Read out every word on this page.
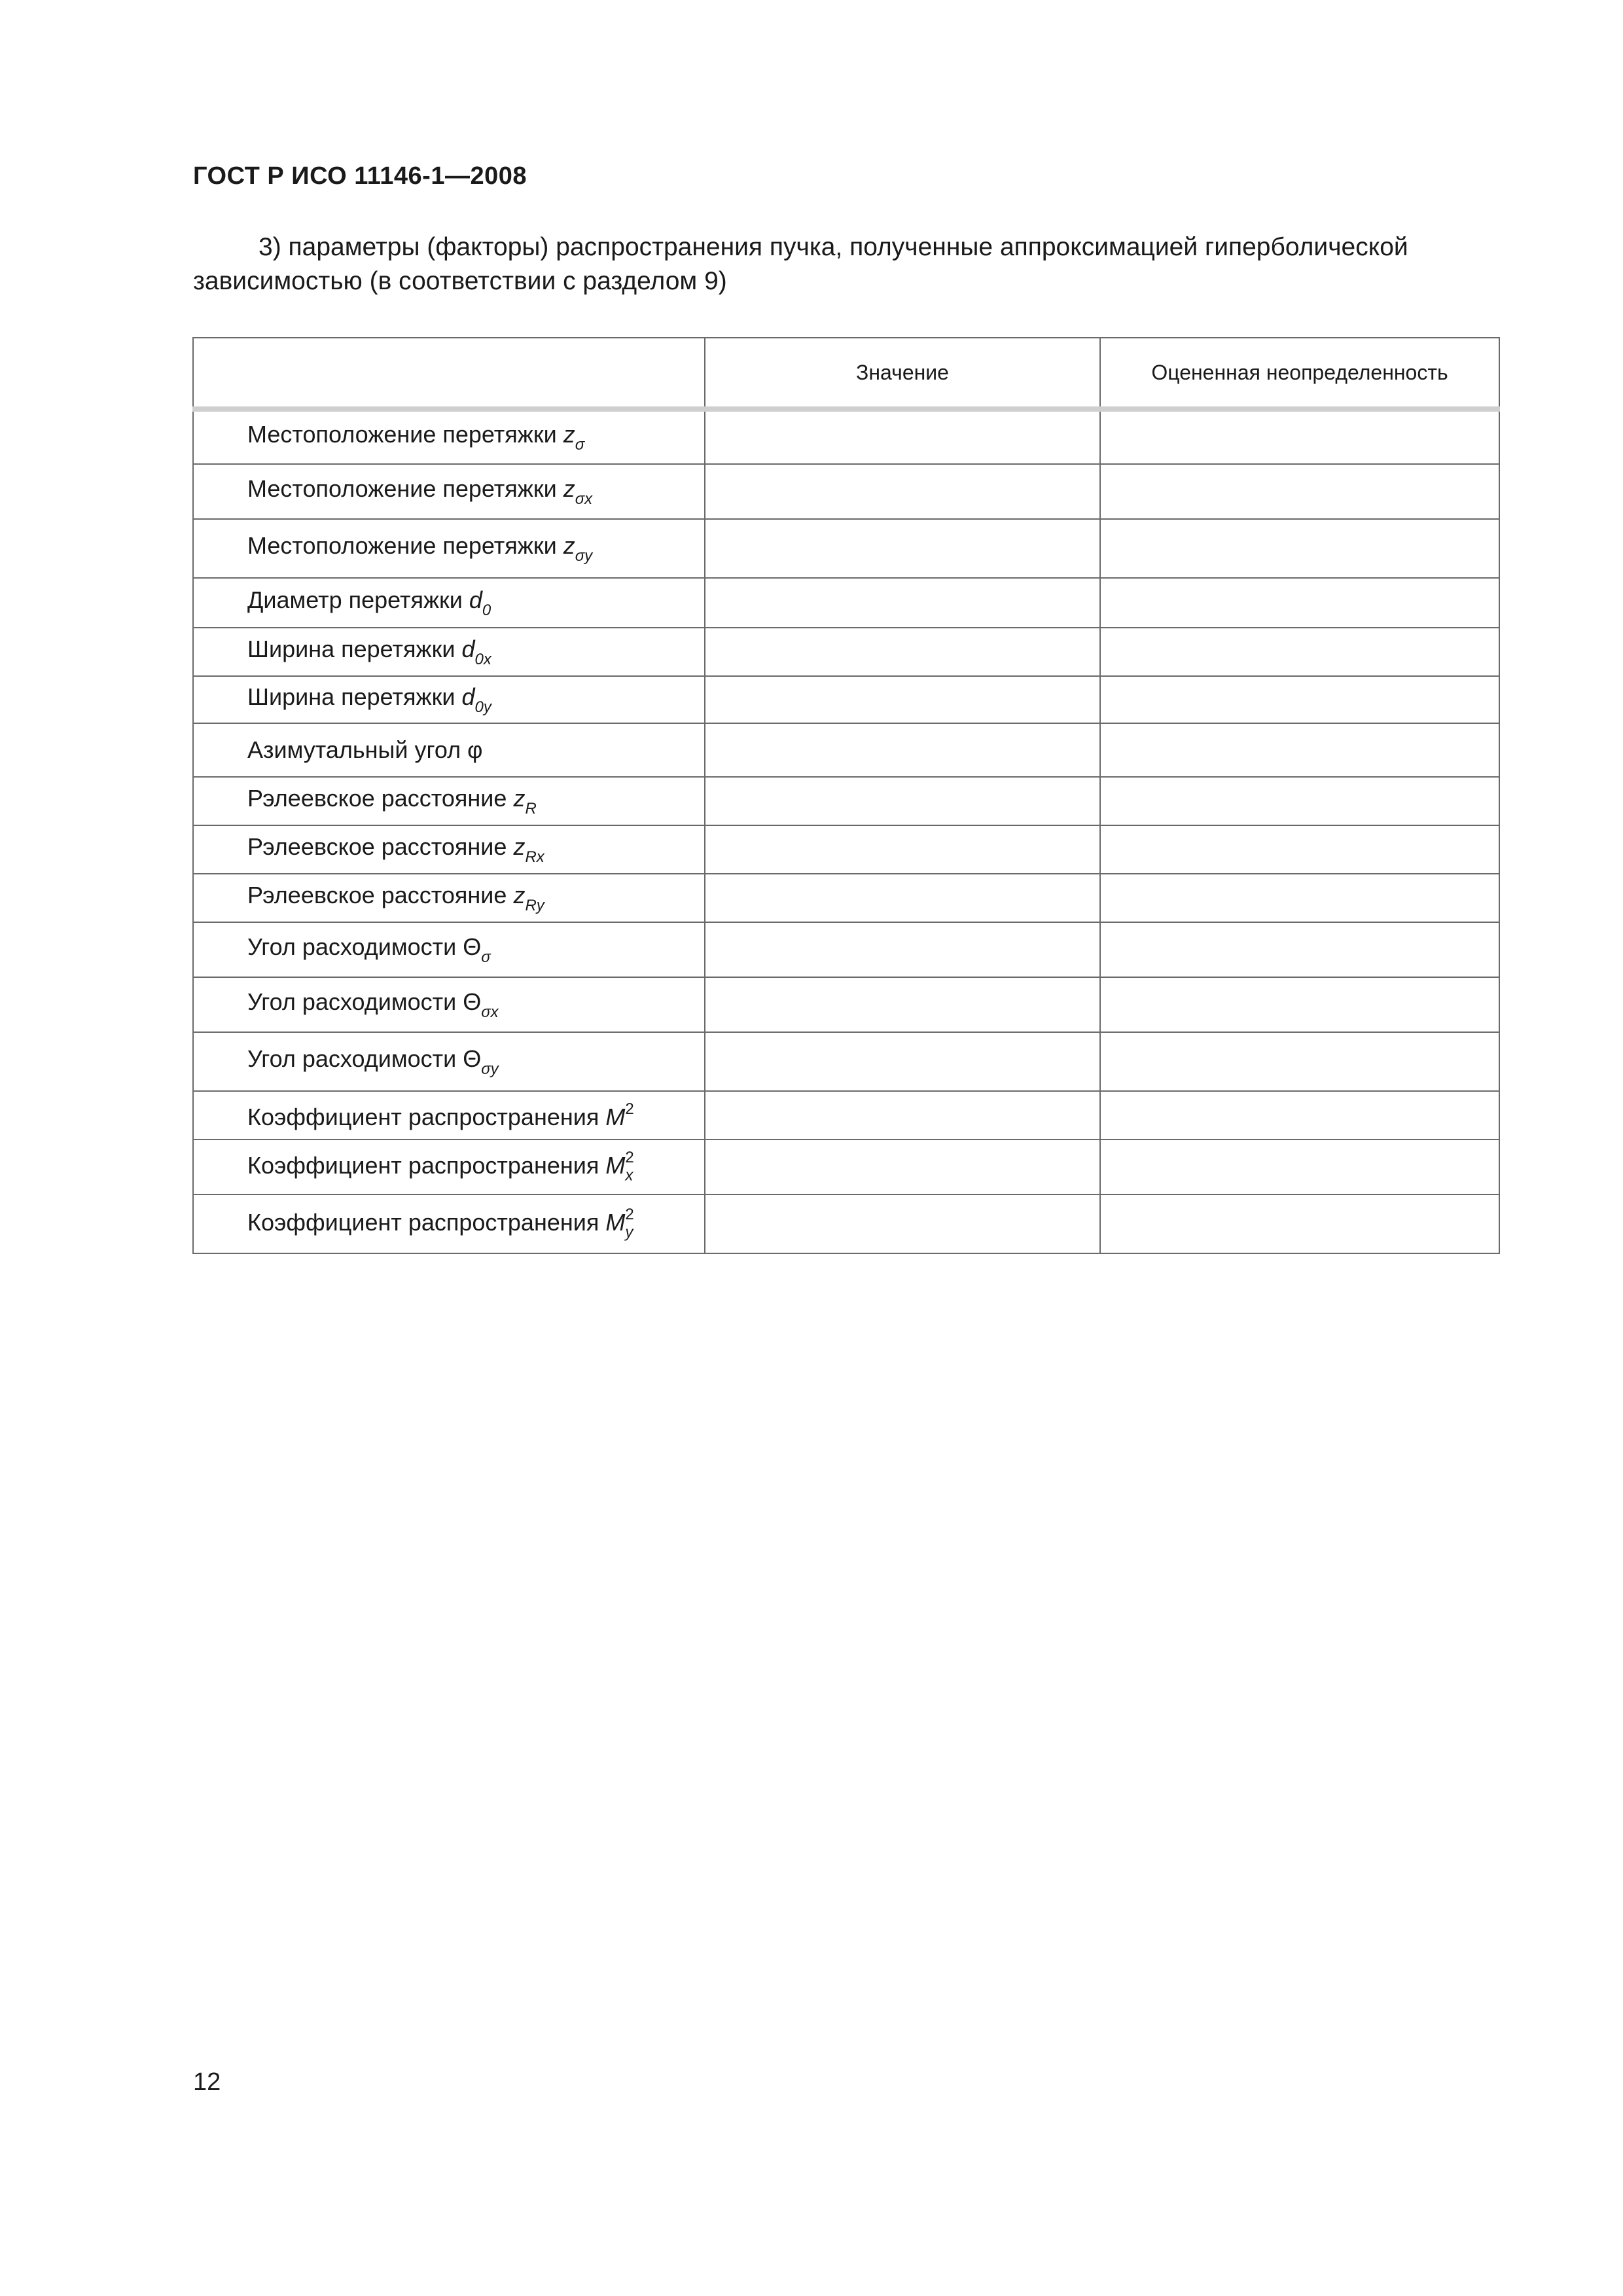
ГОСТ Р ИСО 11146-1—2008
3) параметры (факторы) распространения пучка, полученные аппроксимацией гиперболической
зависимостью (в соответствии с разделом 9)
	Значение	Оцененная неопределенность
Местоположение перетяжки $z_\sigma$		
Местоположение перетяжки $z_{\sigma x}$		
Местоположение перетяжки $z_{\sigma y}$		
Диаметр перетяжки $d_0$		
Ширина перетяжки $d_{0x}$		
Ширина перетяжки $d_{0y}$		
Азимутальный угол φ		
Рэлеевское расстояние $z_R$		
Рэлеевское расстояние $z_{Rx}$		
Рэлеевское расстояние $z_{Ry}$		
Угол расходимости $\Theta_\sigma$		
Угол расходимости $\Theta_{\sigma x}$		
Угол расходимости $\Theta_{\sigma y}$		
Коэффициент распространения $M^2$		
Коэффициент распространения $M2_x$		
Коэффициент распространения $M2_y$		
12
